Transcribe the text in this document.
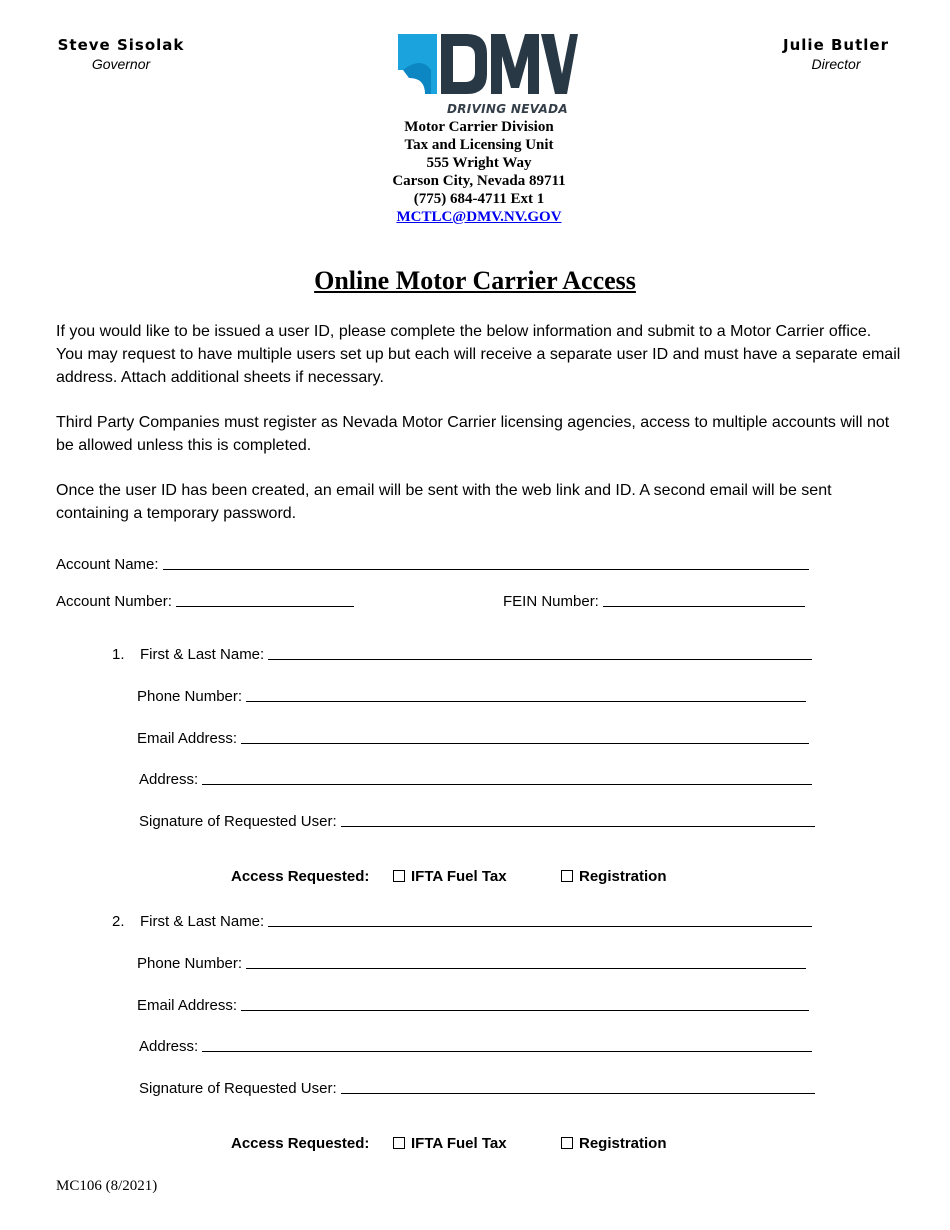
Steve Sisolak
Governor
Julie Butler
Director
DRIVING NEVADA
Motor Carrier Division
Tax and Licensing Unit
555 Wright Way
Carson City, Nevada 89711
(775) 684-4711 Ext 1
MCTLC@DMV.NV.GOV
Online Motor Carrier Access
If you would like to be issued a user ID, please complete the below information and submit to a Motor Carrier office. You may request to have multiple users set up but each will receive a separate user ID and must have a separate email address. Attach additional sheets if necessary.
Third Party Companies must register as Nevada Motor Carrier licensing agencies, access to multiple accounts will not be allowed unless this is completed.
Once the user ID has been created, an email will be sent with the web link and ID. A second email will be sent containing a temporary password.
Account Name:
Account Number:	FEIN Number:
1.	First & Last Name:
Phone Number:
Email Address:
Address:
Signature of Requested User:
Access Requested:	IFTA Fuel Tax	Registration
2.	First & Last Name:
Phone Number:
Email Address:
Address:
Signature of Requested User:
Access Requested:	IFTA Fuel Tax	Registration
MC106 (8/2021)
